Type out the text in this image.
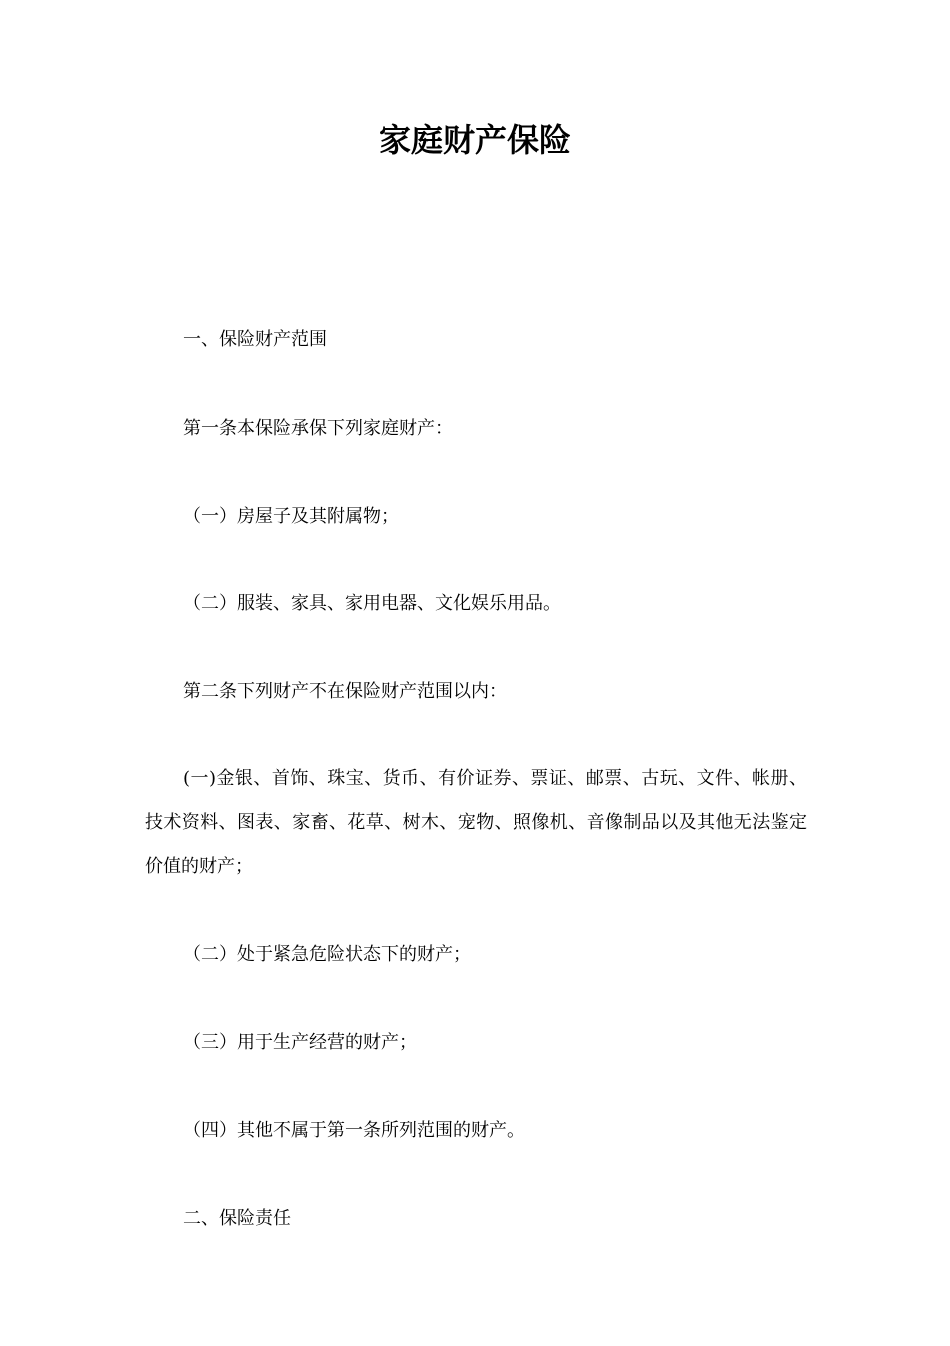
家庭财产保险

一、保险财产范围

第一条本保险承保下列家庭财产：

（一）房屋子及其附属物；

（二）服装、家具、家用电器、文化娱乐用品。

第二条下列财产不在保险财产范围以内：

(一)金银、首饰、珠宝、货币、有价证券、票证、邮票、古玩、文件、帐册、技术资料、图表、家畜、花草、树木、宠物、照像机、音像制品以及其他无法鉴定价值的财产；

（二）处于紧急危险状态下的财产；

（三）用于生产经营的财产；

（四）其他不属于第一条所列范围的财产。

二、保险责任
